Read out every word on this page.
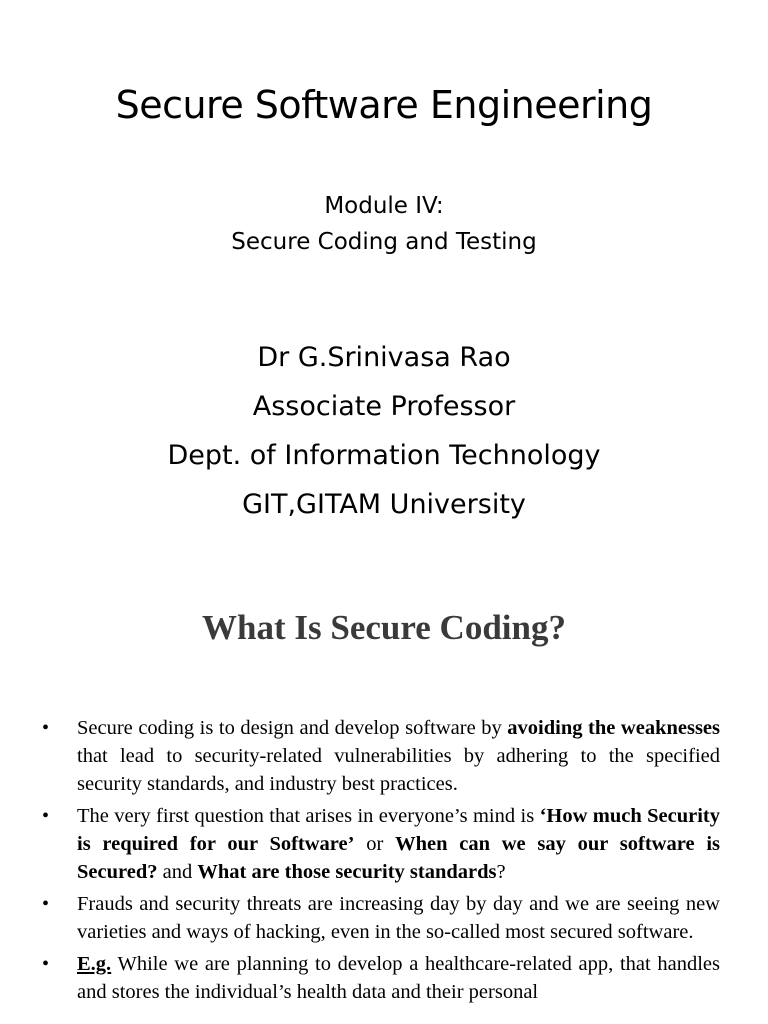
Secure Software Engineering
Module IV:
Secure Coding and Testing
Dr G.Srinivasa Rao
Associate Professor
Dept. of Information Technology
GIT,GITAM University
What Is Secure Coding?
• Secure coding is to design and develop software by avoiding the weaknesses that lead to security-related vulnerabilities by adhering to the specified security standards, and industry best practices.
• The very first question that arises in everyone’s mind is ‘How much Security is required for our Software’ or When can we say our software is Secured? and What are those security standards?
• Frauds and security threats are increasing day by day and we are seeing new varieties and ways of hacking, even in the so-called most secured software.
• E.g. While we are planning to develop a healthcare-related app, that handles and stores the individual’s health data and their personal
